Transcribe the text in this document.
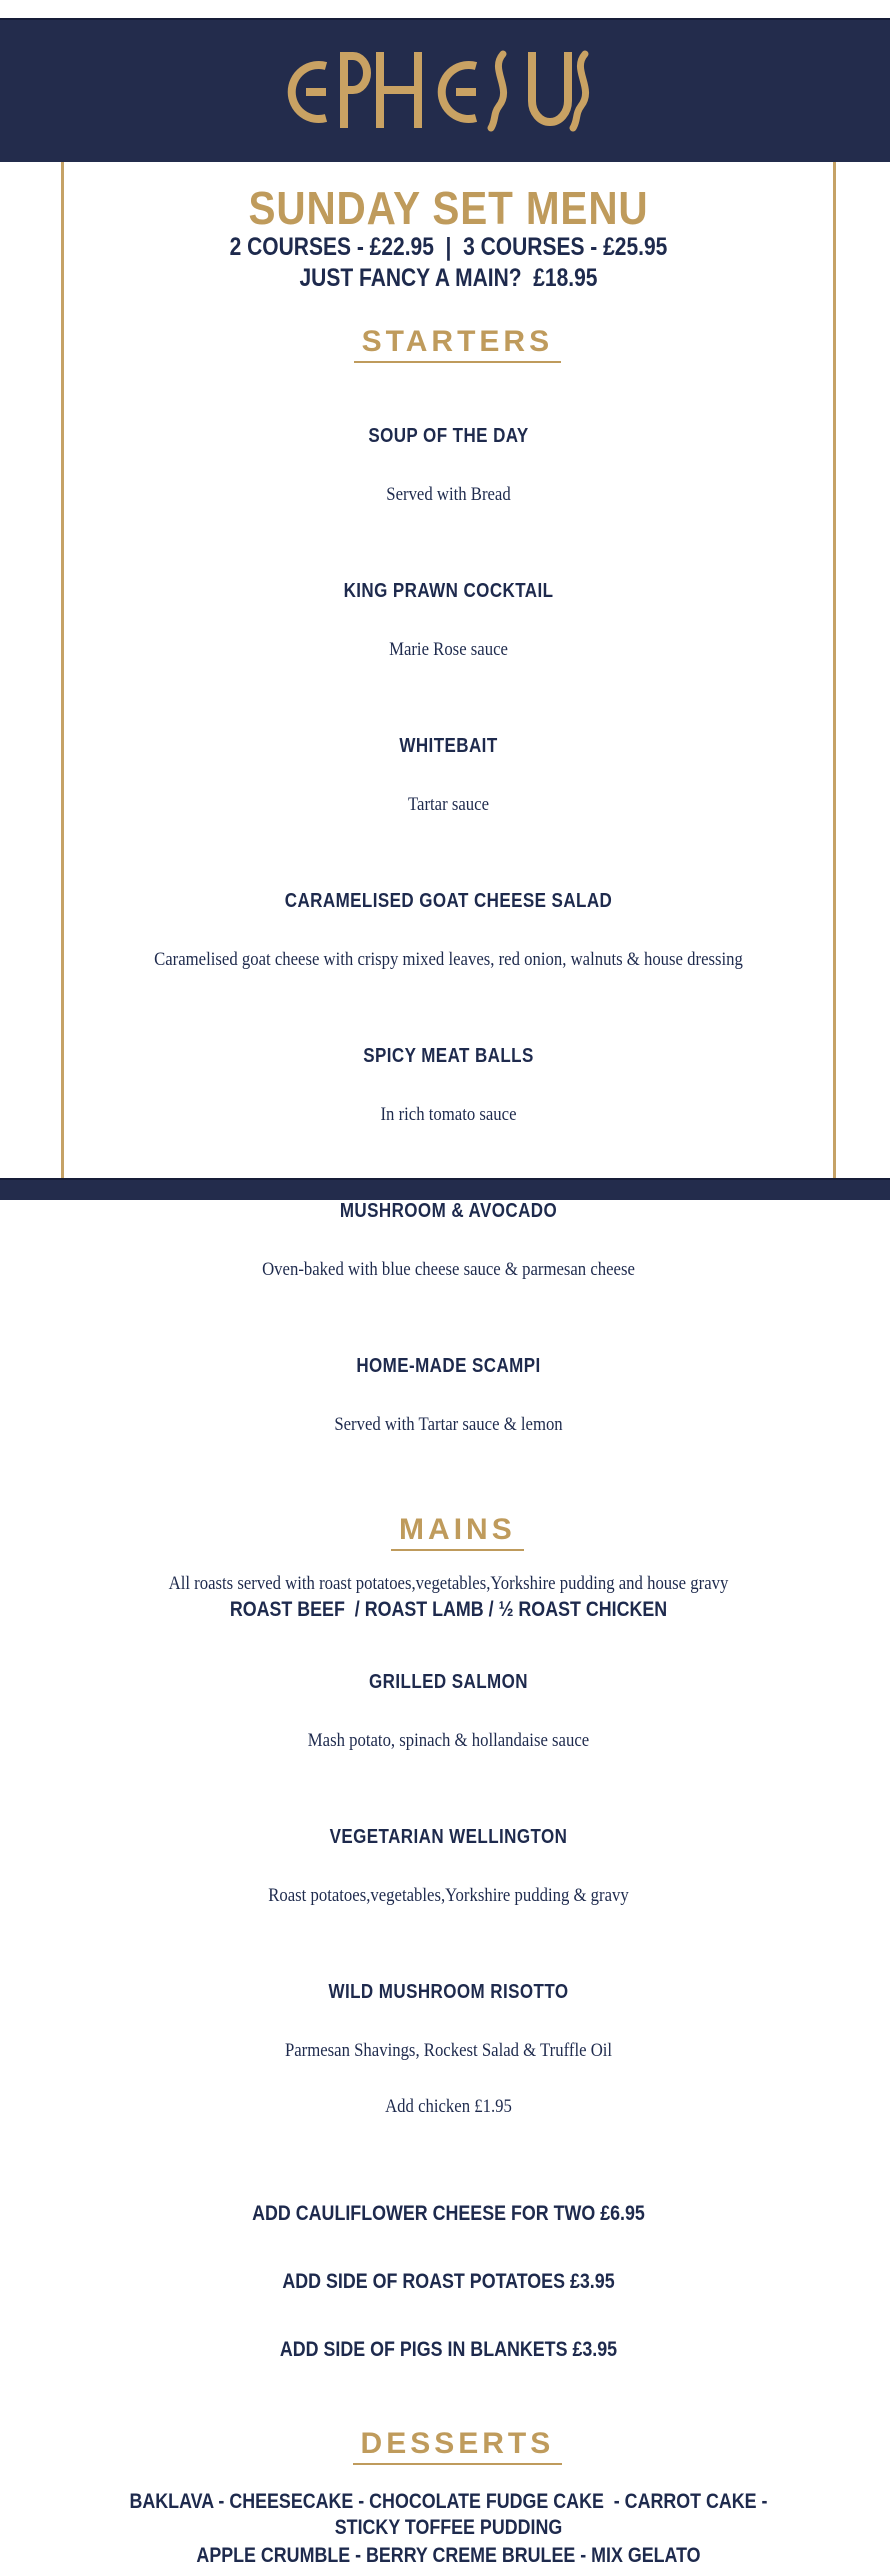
SUNDAY SET MENU
2 COURSES - £22.95  |  3 COURSES - £25.95
JUST FANCY A MAIN?  £18.95

STARTERS

SOUP OF THE DAY

Served with Bread

KING PRAWN COCKTAIL

Marie Rose sauce

WHITEBAIT

Tartar sauce

CARAMELISED GOAT CHEESE SALAD

Caramelised goat cheese with crispy mixed leaves, red onion, walnuts & house dressing

SPICY MEAT BALLS

In rich tomato sauce

MUSHROOM & AVOCADO

Oven-baked with blue cheese sauce & parmesan cheese

HOME-MADE SCAMPI

Served with Tartar sauce & lemon

MAINS

All roasts served with roast potatoes,vegetables,Yorkshire pudding and house gravy
ROAST BEEF  / ROAST LAMB / ½ ROAST CHICKEN

GRILLED SALMON

Mash potato, spinach & hollandaise sauce

VEGETARIAN WELLINGTON

Roast potatoes,vegetables,Yorkshire pudding & gravy

WILD MUSHROOM RISOTTO

Parmesan Shavings, Rockest Salad & Truffle Oil

Add chicken £1.95

ADD CAULIFLOWER CHEESE FOR TWO £6.95

ADD SIDE OF ROAST POTATOES £3.95

ADD SIDE OF PIGS IN BLANKETS £3.95

DESSERTS

BAKLAVA - CHEESECAKE - CHOCOLATE FUDGE CAKE  - CARROT CAKE - STICKY TOFFEE PUDDING
APPLE CRUMBLE - BERRY CREME BRULEE - MIX GELATO
